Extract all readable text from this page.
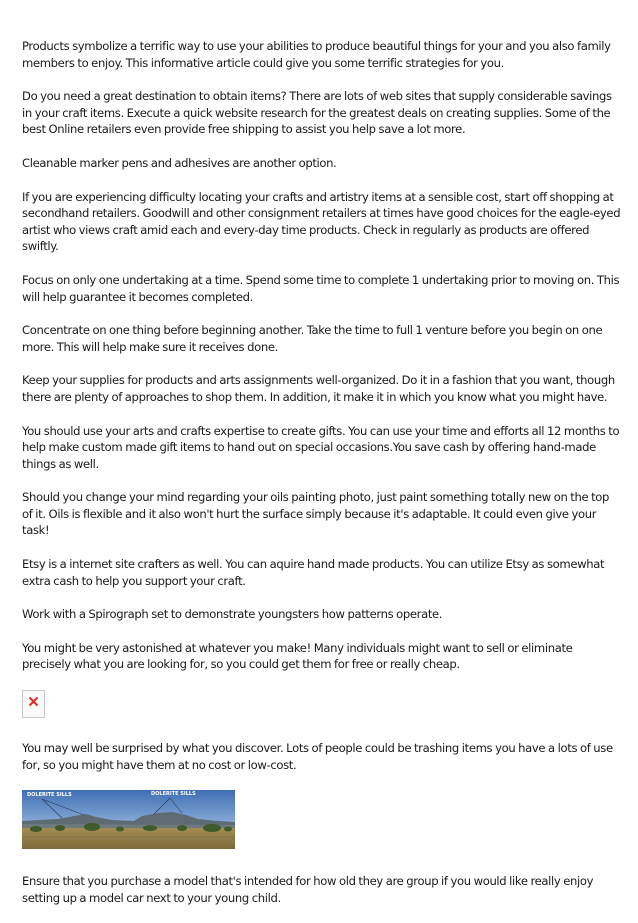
Products symbolize a terrific way to use your abilities to produce beautiful things for your and you also family members to enjoy. This informative article could give you some terrific strategies for you.

Do you need a great destination to obtain items? There are lots of web sites that supply considerable savings in your craft items. Execute a quick website research for the greatest deals on creating supplies. Some of the best Online retailers even provide free shipping to assist you help save a lot more.

Cleanable marker pens and adhesives are another option.

If you are experiencing difficulty locating your crafts and artistry items at a sensible cost, start off shopping at secondhand retailers. Goodwill and other consignment retailers at times have good choices for the eagle-eyed artist who views craft amid each and every-day time products. Check in regularly as products are offered swiftly.

Focus on only one undertaking at a time. Spend some time to complete 1 undertaking prior to moving on. This will help guarantee it becomes completed.

Concentrate on one thing before beginning another. Take the time to full 1 venture before you begin on one more. This will help make sure it receives done.

Keep your supplies for products and arts assignments well-organized. Do it in a fashion that you want, though there are plenty of approaches to shop them. In addition, it make it in which you know what you might have.

You should use your arts and crafts expertise to create gifts. You can use your time and efforts all 12 months to help make custom made gift items to hand out on special occasions.You save cash by offering hand-made things as well.

Should you change your mind regarding your oils painting photo, just paint something totally new on the top of it. Oils is flexible and it also won't hurt the surface simply because it's adaptable. It could even give your task!

Etsy is a internet site crafters as well. You can aquire hand made products. You can utilize Etsy as somewhat extra cash to help you support your craft.

Work with a Spirograph set to demonstrate youngsters how patterns operate.

You might be very astonished at whatever you make! Many individuals might want to sell or eliminate precisely what you are looking for, so you could get them for free or really cheap.

You may well be surprised by what you discover. Lots of people could be trashing items you have a lots of use for, so you might have them at no cost or low-cost.

DOLERITE SILLS	DOLERITE SILLS

Ensure that you purchase a model that's intended for how old they are group if you would like really enjoy setting up a model car next to your young child.
